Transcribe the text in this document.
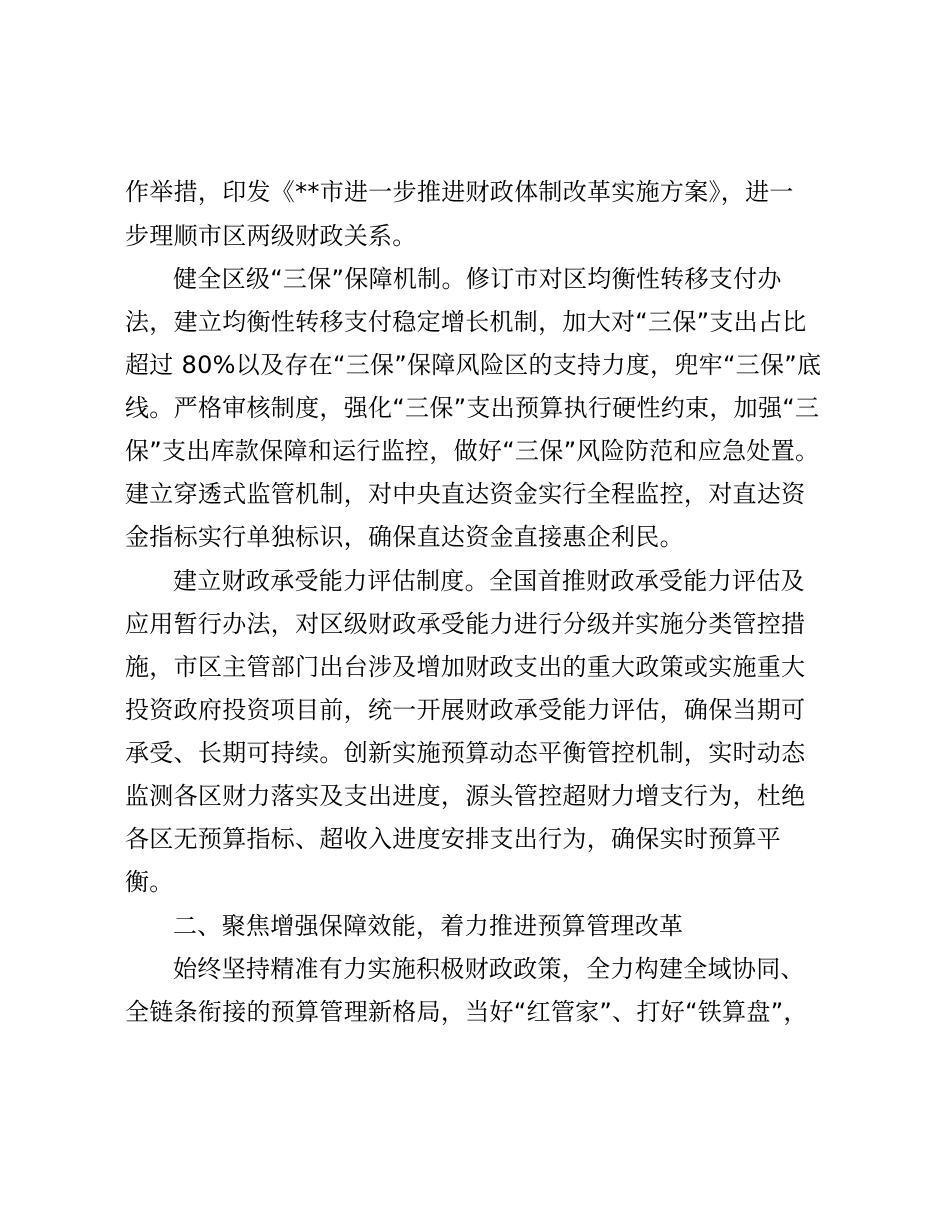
作举措，印发《**市进一步推进财政体制改革实施方案》，进一
步理顺市区两级财政关系。
健全区级“三保”保障机制。修订市对区均衡性转移支付办
法，建立均衡性转移支付稳定增长机制，加大对“三保”支出占比
超过 80%以及存在“三保”保障风险区的支持力度，兜牢“三保”底
线。严格审核制度，强化“三保”支出预算执行硬性约束，加强“三
保”支出库款保障和运行监控，做好“三保”风险防范和应急处置。
建立穿透式监管机制，对中央直达资金实行全程监控，对直达资
金指标实行单独标识，确保直达资金直接惠企利民。
建立财政承受能力评估制度。全国首推财政承受能力评估及
应用暂行办法，对区级财政承受能力进行分级并实施分类管控措
施，市区主管部门出台涉及增加财政支出的重大政策或实施重大
投资政府投资项目前，统一开展财政承受能力评估，确保当期可
承受、长期可持续。创新实施预算动态平衡管控机制，实时动态
监测各区财力落实及支出进度，源头管控超财力增支行为，杜绝
各区无预算指标、超收入进度安排支出行为，确保实时预算平
衡。
二、聚焦增强保障效能，着力推进预算管理改革
始终坚持精准有力实施积极财政政策，全力构建全域协同、
全链条衔接的预算管理新格局，当好“红管家”、打好“铁算盘”，
